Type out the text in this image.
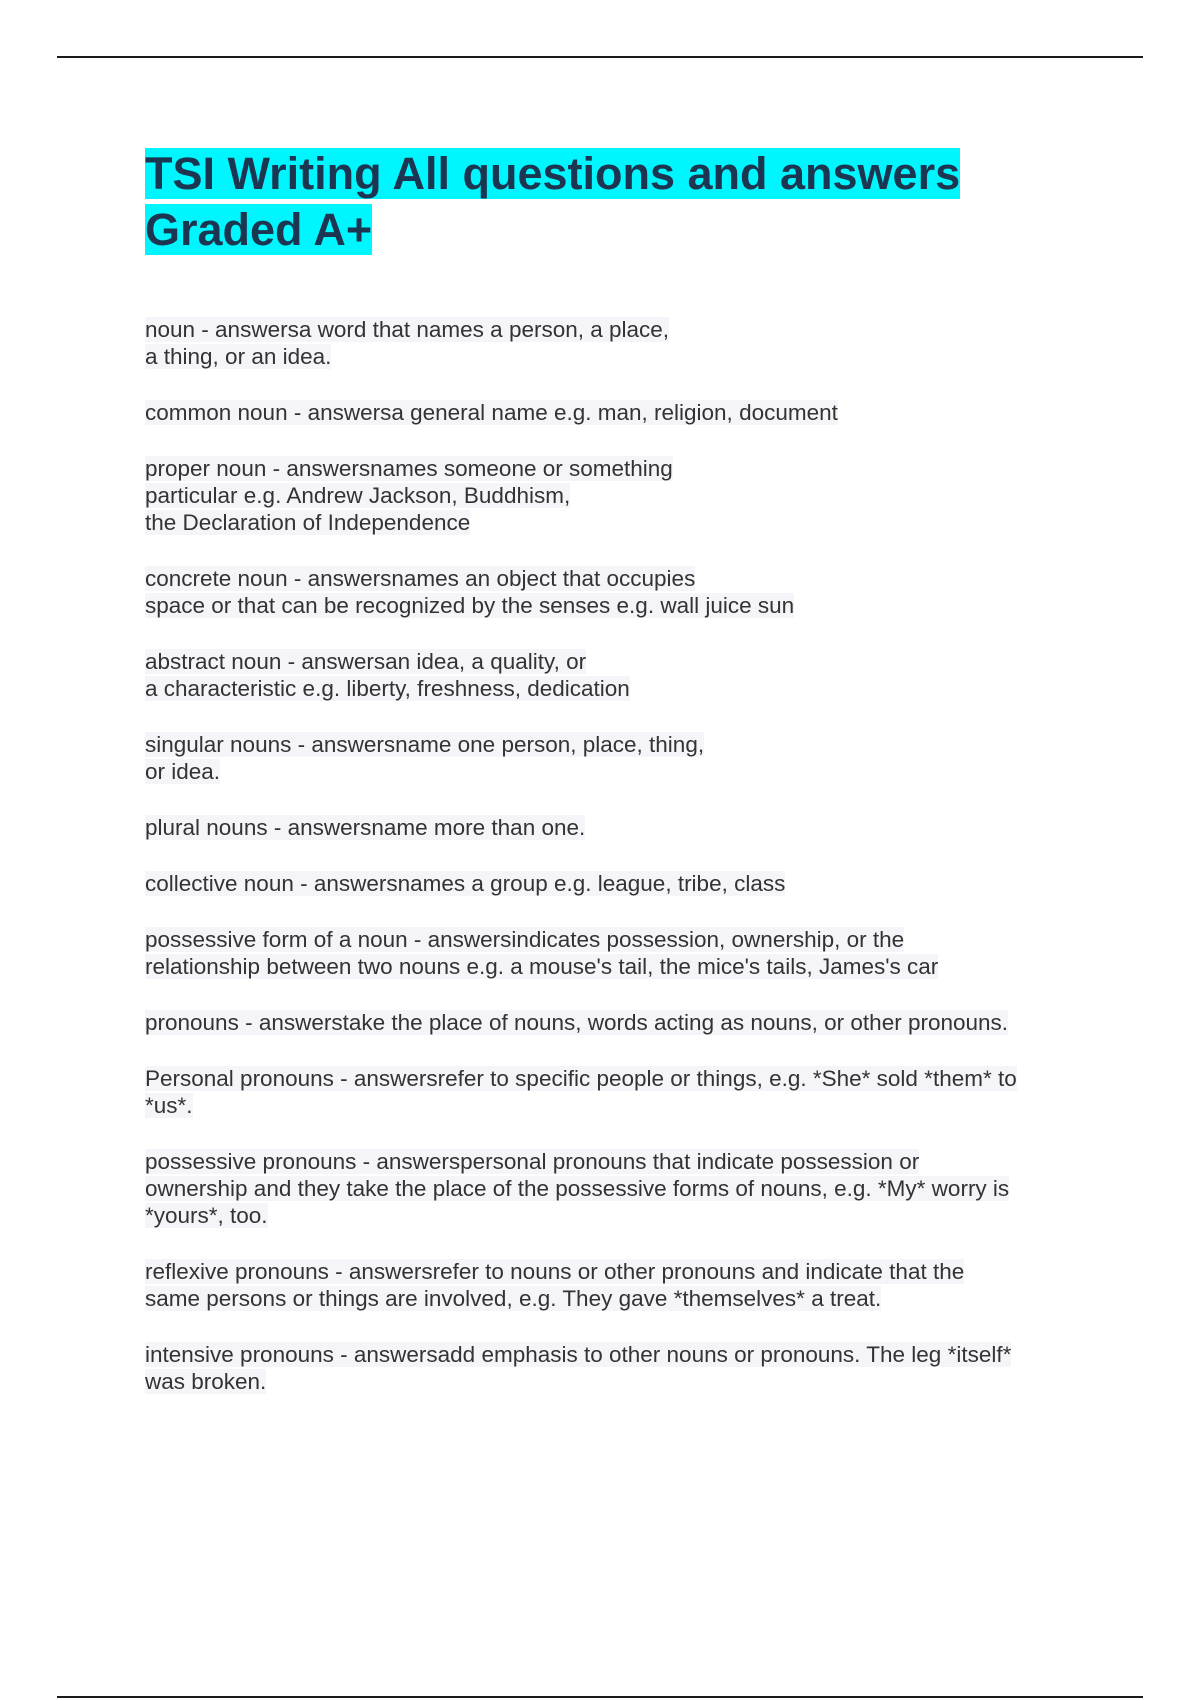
TSI Writing All questions and answers
Graded A+

noun - answersa word that names a person, a place,
a thing, or an idea.

common noun - answersa general name e.g. man, religion, document

proper noun - answersnames someone or something
particular e.g. Andrew Jackson, Buddhism,
the Declaration of Independence

concrete noun - answersnames an object that occupies
space or that can be recognized by the senses e.g. wall juice sun

abstract noun - answersan idea, a quality, or
a characteristic e.g. liberty, freshness, dedication

singular nouns - answersname one person, place, thing,
or idea.

plural nouns - answersname more than one.

collective noun - answersnames a group e.g. league, tribe, class

possessive form of a noun - answersindicates possession, ownership, or the
relationship between two nouns e.g. a mouse's tail, the mice's tails, James's car

pronouns - answerstake the place of nouns, words acting as nouns, or other pronouns.

Personal pronouns - answersrefer to specific people or things, e.g. *She* sold *them* to
*us*.

possessive pronouns - answerspersonal pronouns that indicate possession or
ownership and they take the place of the possessive forms of nouns, e.g. *My* worry is
*yours*, too.

reflexive pronouns - answersrefer to nouns or other pronouns and indicate that the
same persons or things are involved, e.g. They gave *themselves* a treat.

intensive pronouns - answersadd emphasis to other nouns or pronouns. The leg *itself*
was broken.
